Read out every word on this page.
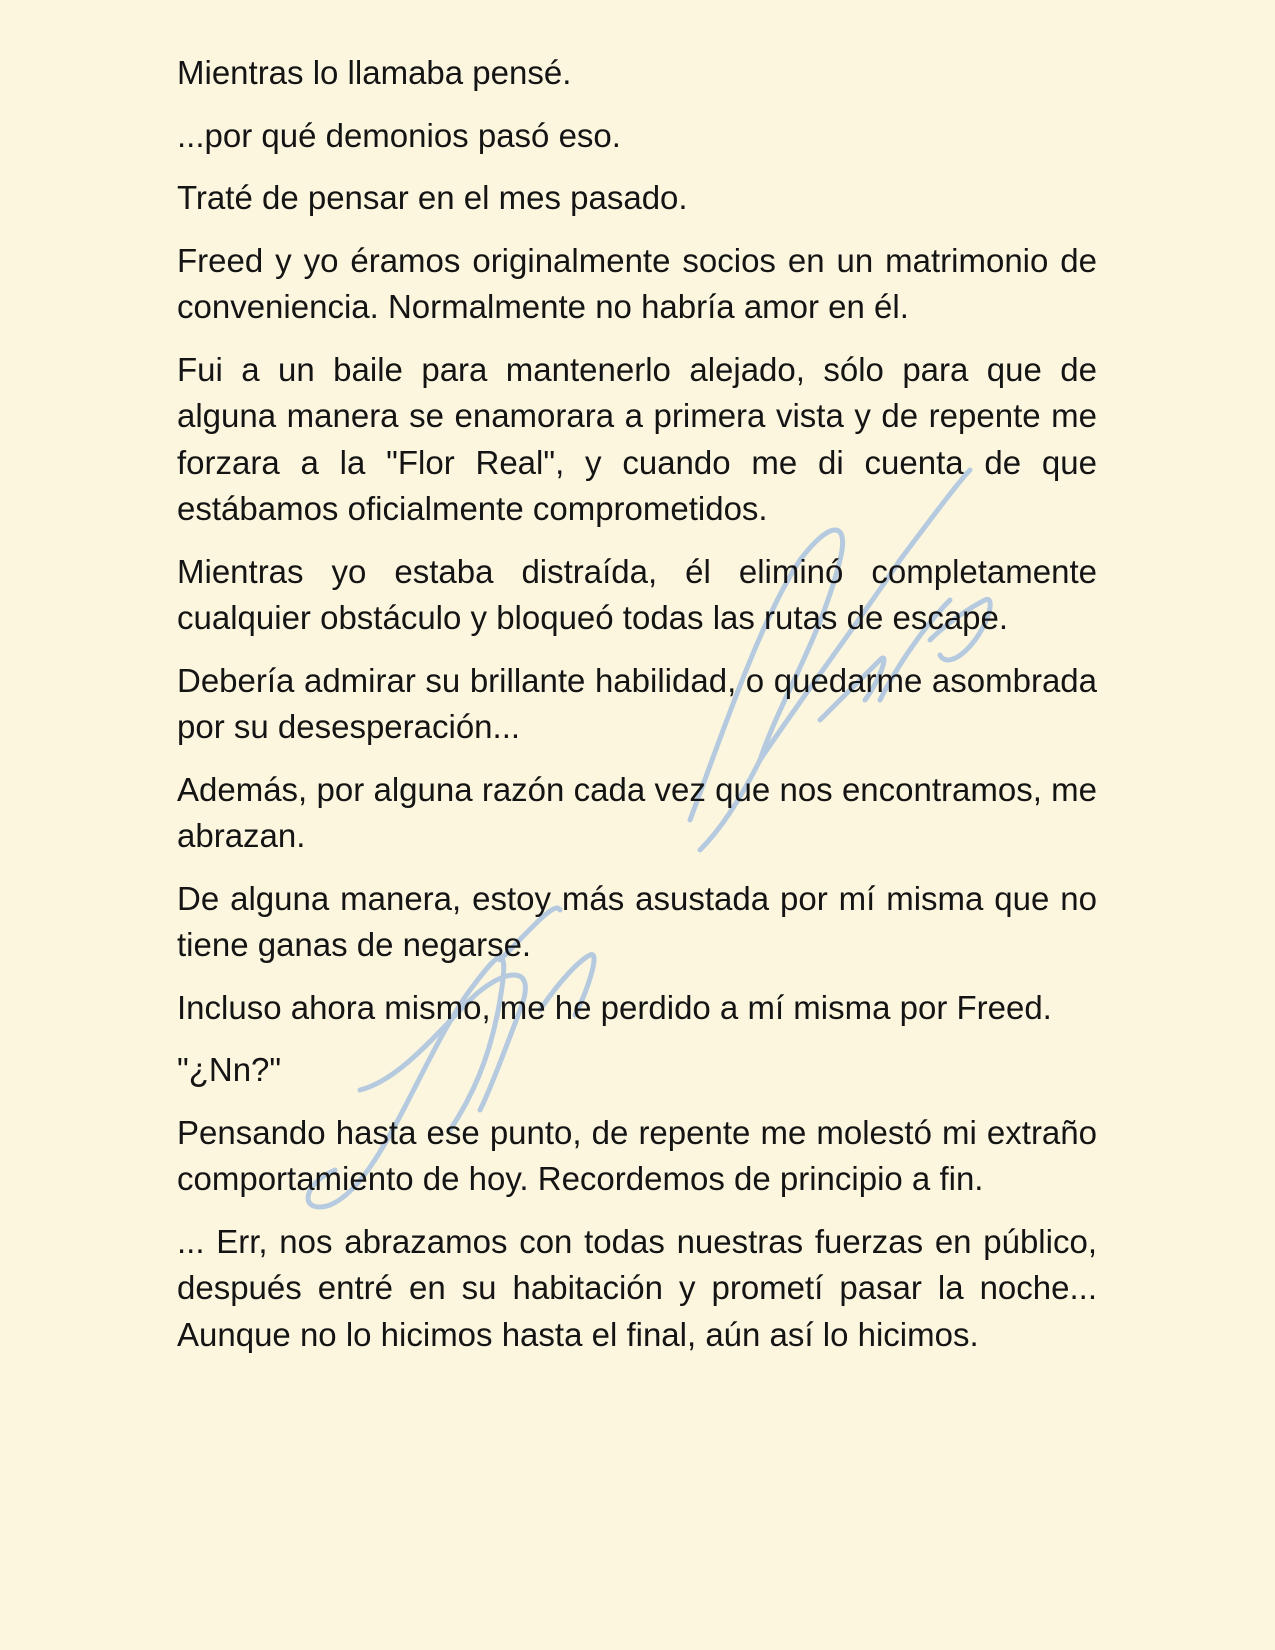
Mientras lo llamaba pensé.

...por qué demonios pasó eso.

Traté de pensar en el mes pasado.

Freed y yo éramos originalmente socios en un matrimonio de conveniencia. Normalmente no habría amor en él.

Fui a un baile para mantenerlo alejado, sólo para que de alguna manera se enamorara a primera vista y de repente me forzara a la "Flor Real", y cuando me di cuenta de que estábamos oficialmente comprometidos.

Mientras yo estaba distraída, él eliminó completamente cualquier obstáculo y bloqueó todas las rutas de escape.

Debería admirar su brillante habilidad, o quedarme asombrada por su desesperación...

Además, por alguna razón cada vez que nos encontramos, me abrazan.

De alguna manera, estoy más asustada por mí misma que no tiene ganas de negarse.

Incluso ahora mismo, me he perdido a mí misma por Freed.

"¿Nn?"

Pensando hasta ese punto, de repente me molestó mi extraño comportamiento de hoy. Recordemos de principio a fin.

... Err, nos abrazamos con todas nuestras fuerzas en público, después entré en su habitación y prometí pasar la noche... Aunque no lo hicimos hasta el final, aún así lo hicimos.
